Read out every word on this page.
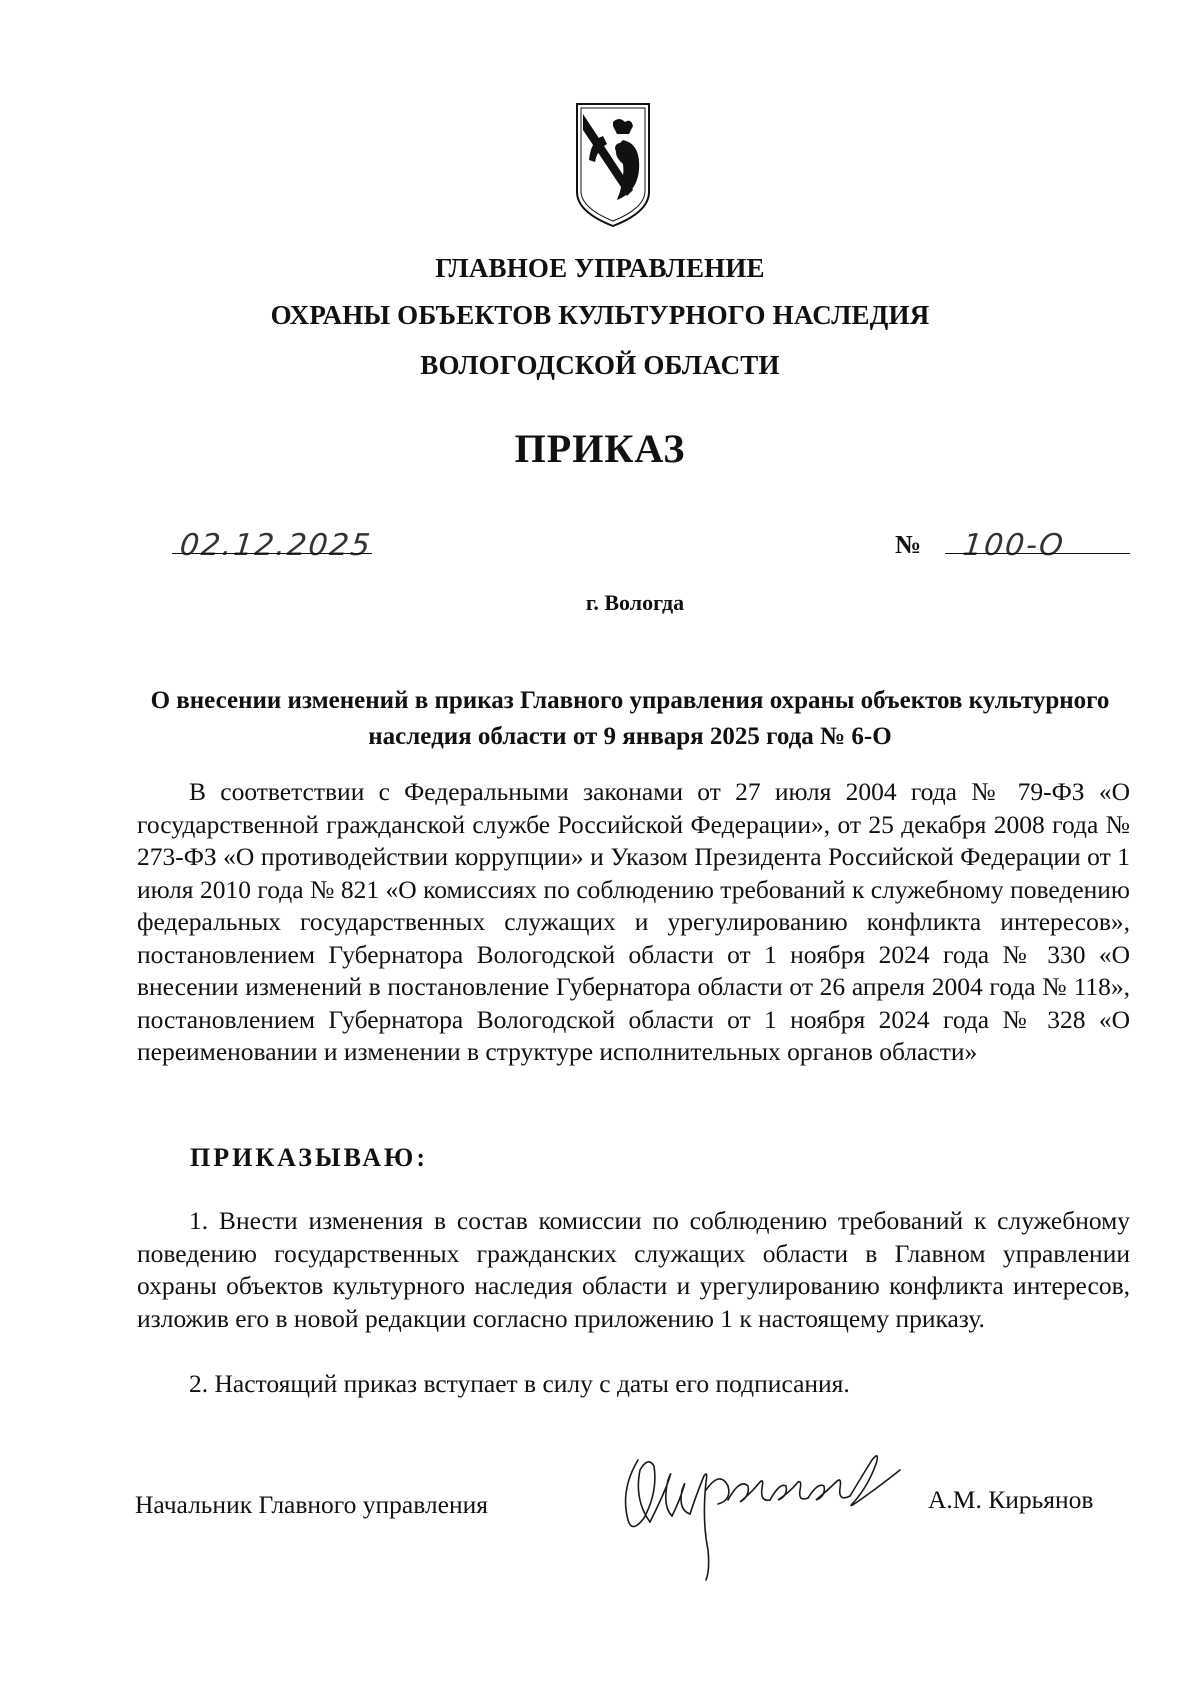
ГЛАВНОЕ УПРАВЛЕНИЕ
ОХРАНЫ ОБЪЕКТОВ КУЛЬТУРНОГО НАСЛЕДИЯ
ВОЛОГОДСКОЙ ОБЛАСТИ
ПРИКАЗ
02.12.2025	№ 100-О
г. Вологда
О внесении изменений в приказ Главного управления охраны объектов культурного наследия области от 9 января 2025 года № 6-О

В соответствии с Федеральными законами от 27 июля 2004 года № 79-ФЗ «О государственной гражданской службе Российской Федерации», от 25 декабря 2008 года № 273-ФЗ «О противодействии коррупции» и Указом Президента Российской Федерации от 1 июля 2010 года № 821 «О комиссиях по соблюдению требований к служебному поведению федеральных государственных служащих и урегулированию конфликта интересов», постановлением Губернатора Вологодской области от 1 ноября 2024 года № 330 «О внесении изменений в постановление Губернатора области от 26 апреля 2004 года № 118», постановлением Губернатора Вологодской области от 1 ноября 2024 года № 328 «О переименовании и изменении в структуре исполнительных органов области»

ПРИКАЗЫВАЮ:

1. Внести изменения в состав комиссии по соблюдению требований к служебному поведению государственных гражданских служащих области в Главном управлении охраны объектов культурного наследия области и урегулированию конфликта интересов, изложив его в новой редакции согласно приложению 1 к настоящему приказу.

2. Настоящий приказ вступает в силу с даты его подписания.

Начальник Главного управления	А.М. Кирьянов
